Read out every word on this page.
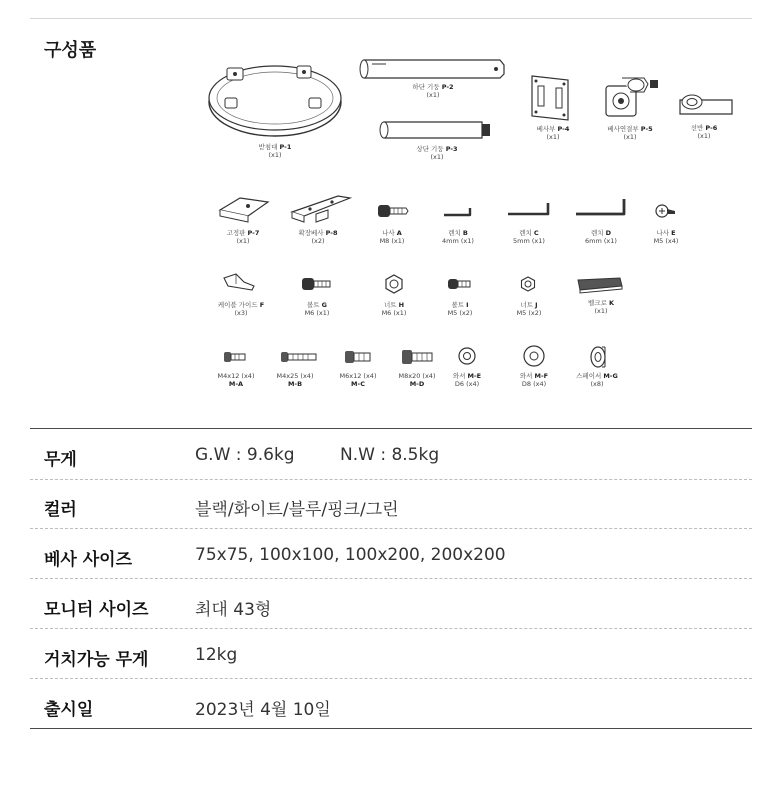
구성품
받침대 P-1
(x1)
하단 기둥 P-2
(x1)
상단 기둥 P-3
(x1)
베사부 P-4
(x1)
베사연결부 P-5
(x1)
선반 P-6
(x1)
고정판 P-7
(x1)
확장베사 P-8
(x2)
나사 A
M8 (x1)
렌치 B
4mm (x1)
렌치 C
5mm (x1)
렌치 D
6mm (x1)
나사 E
M5 (x4)
케이블 가이드 F
(x3)
볼트 G
M6 (x1)
너트 H
M6 (x1)
볼트 I
M5 (x2)
너트 J
M5 (x2)
벨크로 K
(x1)
M4x12 (x4)
M-A
M4x25 (x4)
M-B
M6x12 (x4)
M-C
M8x20 (x4)
M-D
와셔 M-E
D6 (x4)
와셔 M-F
D8 (x4)
스페이서 M-G
(x8)
무게	G.W : 9.6kg	N.W : 8.5kg
컬러	블랙/화이트/블루/핑크/그린
베사 사이즈	75x75, 100x100, 100x200, 200x200
모니터 사이즈	최대 43형
거치가능 무게	12kg
출시일	2023년 4월 10일
